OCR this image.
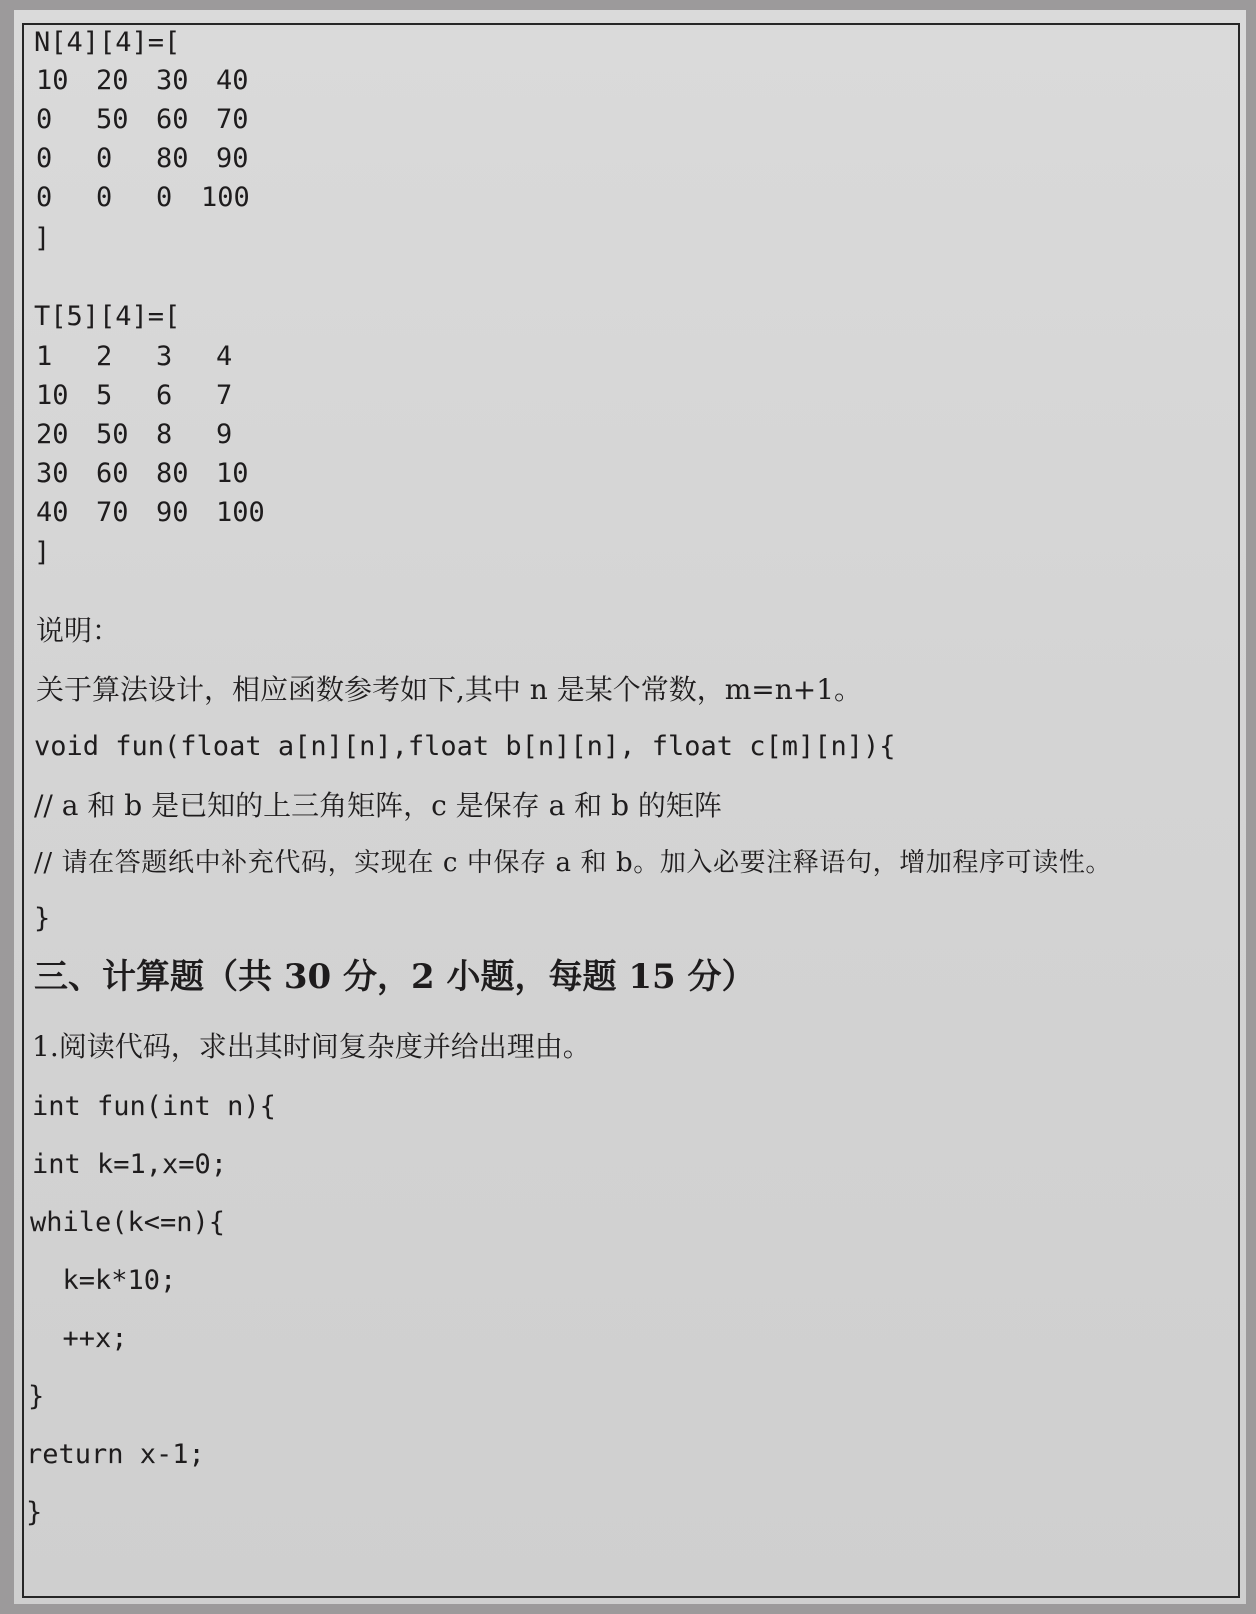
N[4][4]=[
10 20 30 40
0 50 60 70
0 0 80 90
0 0 0 100
]
T[5][4]=[
1 2 3 4
10 5 6 7
20 50 8 9
30 60 80 10
40 70 90 100
]
说明：
关于算法设计，相应函数参考如下,其中 n 是某个常数，m=n+1。
void fun(float a[n][n],float b[n][n], float c[m][n]){
// a 和 b 是已知的上三角矩阵，c 是保存 a 和 b 的矩阵
// 请在答题纸中补充代码，实现在 c 中保存 a 和 b。加入必要注释语句，增加程序可读性。
}
三、计算题（共 30 分，2 小题，每题 15 分）
1.阅读代码，求出其时间复杂度并给出理由。
int fun(int n){
int k=1,x=0;
while(k<=n){
k=k*10;
++x;
}
return x-1;
}
